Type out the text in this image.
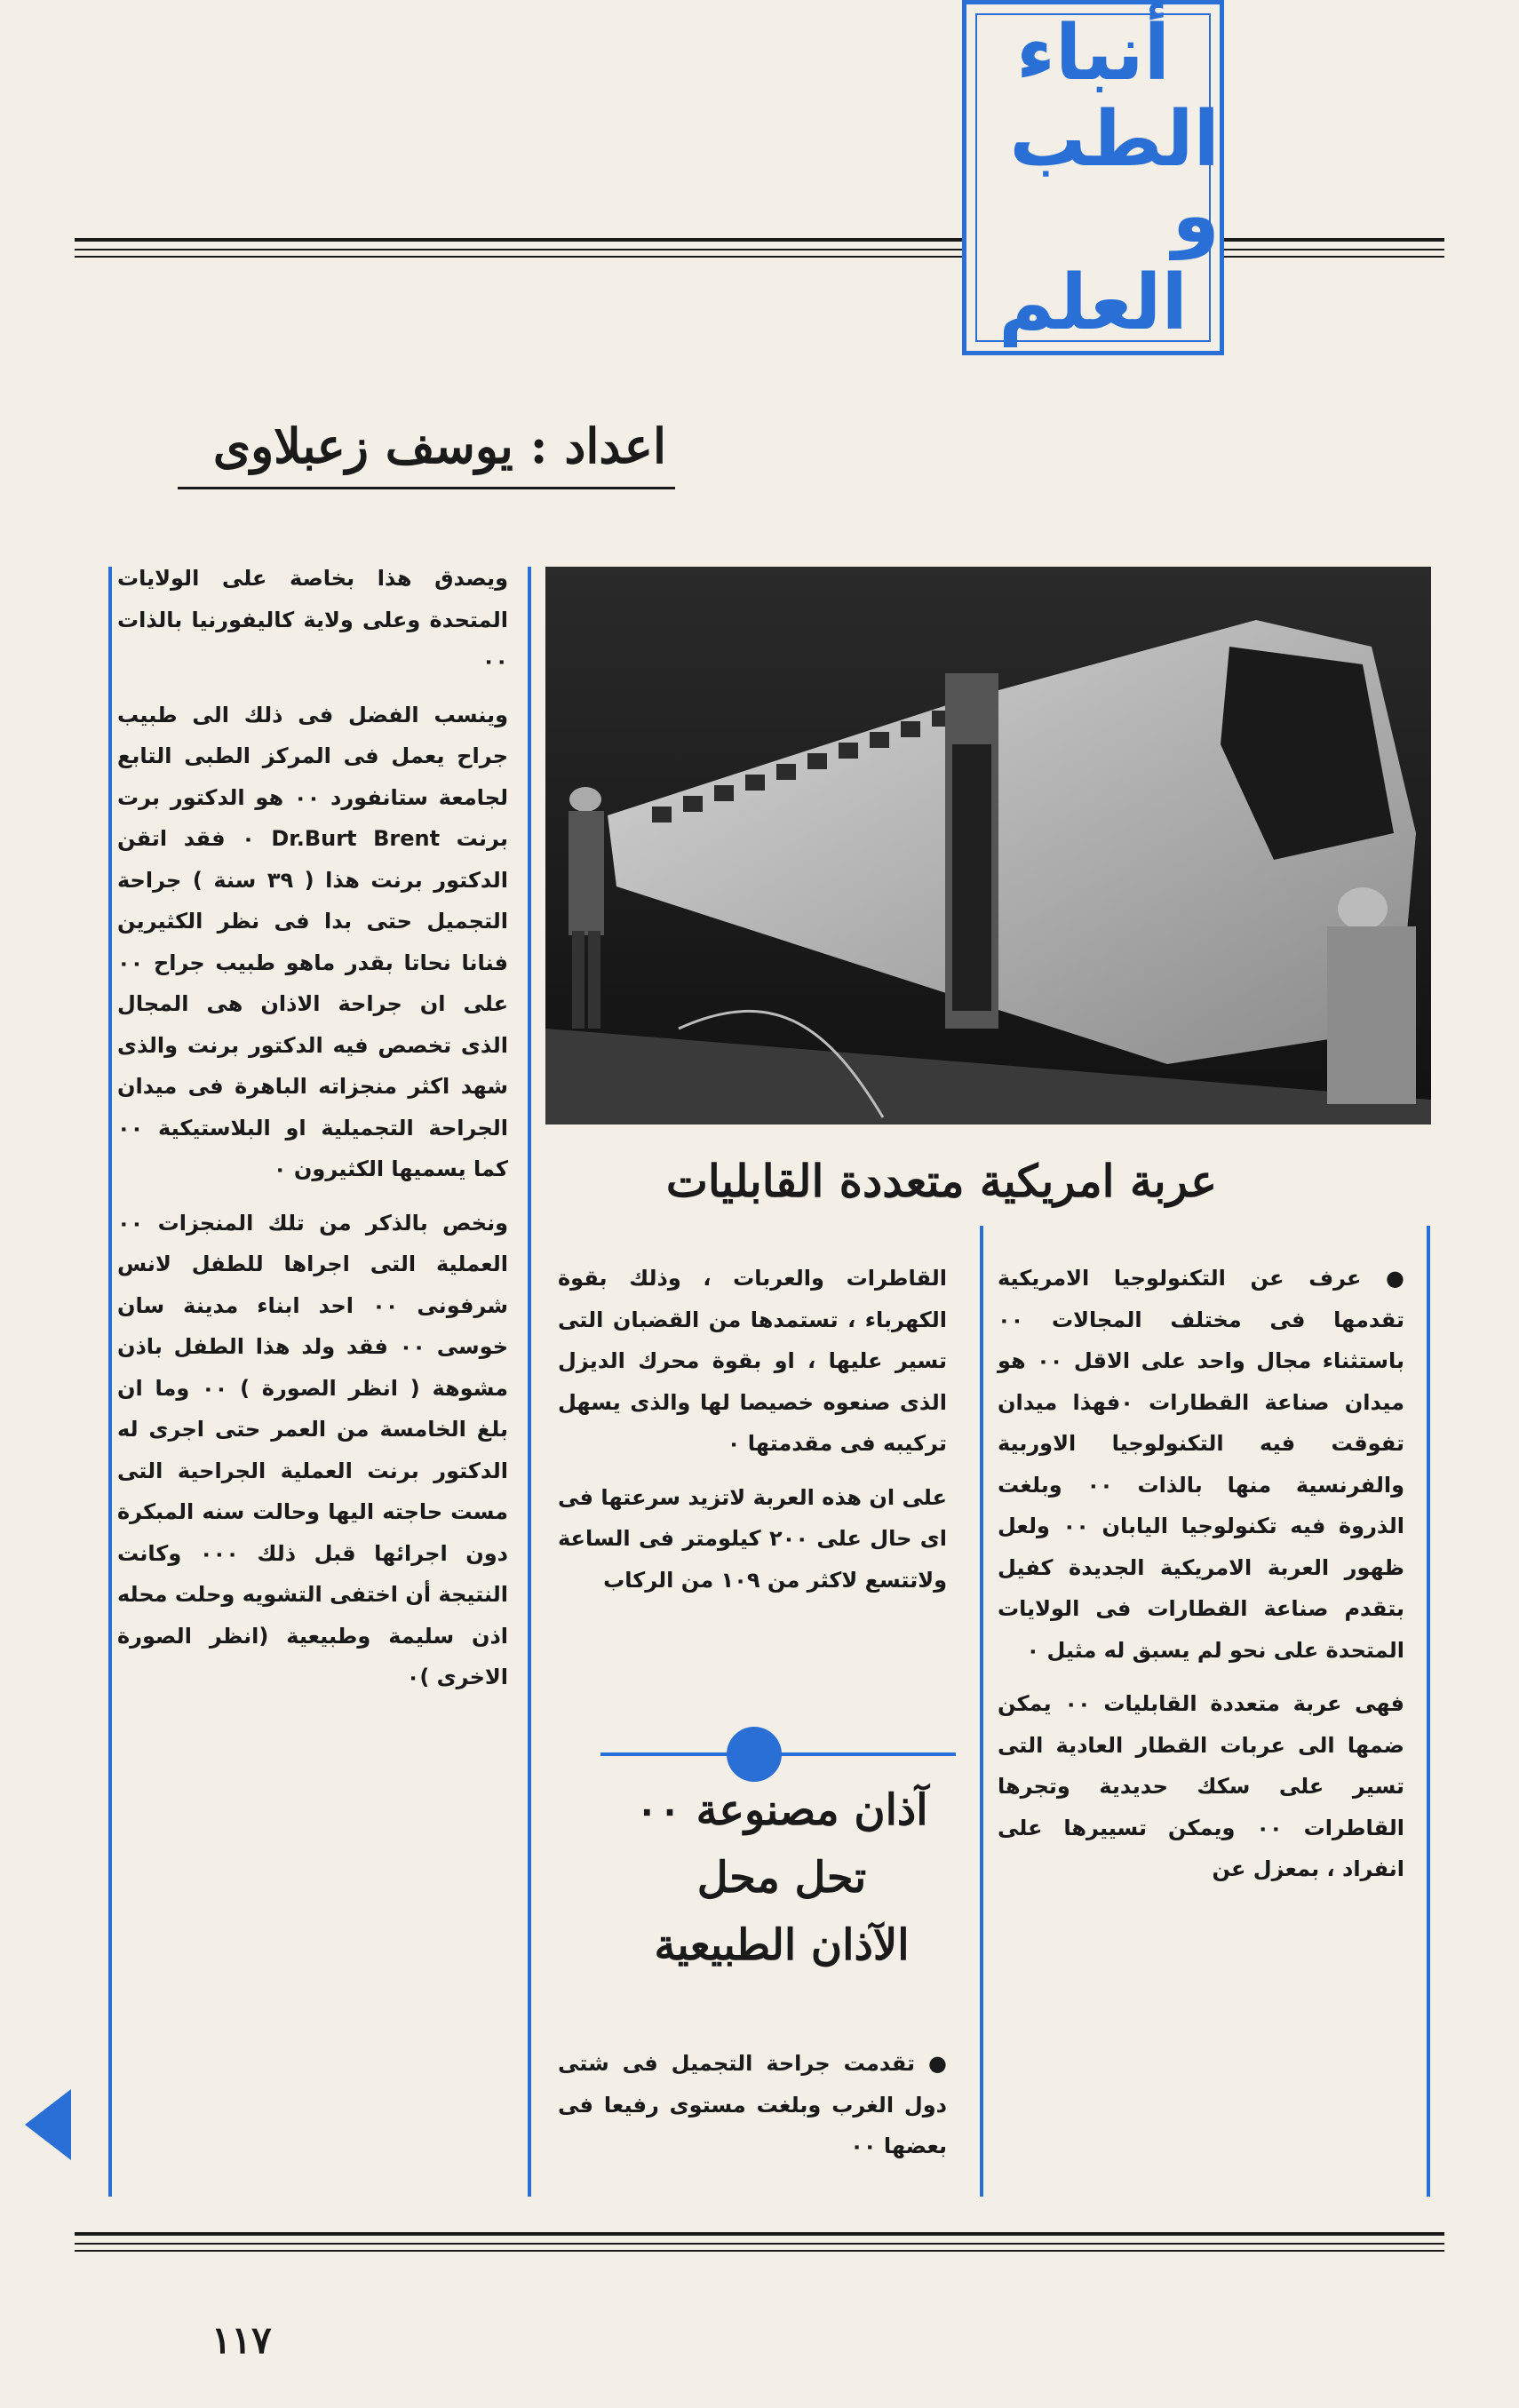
أنباء
الطب و
العلم
اعداد : يوسف زعبلاوى

ويصدق هذا بخاصة على الولايات المتحدة وعلى ولاية كاليفورنيا بالذات ٠٠

وينسب الفضل فى ذلك الى طبيب جراح يعمل فى المركز الطبى التابع لجامعة ستانفورد ٠٠ هو الدكتور برت برنت Dr.Burt Brent ٠ فقد اتقن الدكتور برنت هذا ( ٣٩ سنة ) جراحة التجميل حتى بدا فى نظر الكثيرين فنانا نحاتا بقدر ماهو طبيب جراح ٠٠ على ان جراحة الاذان هى المجال الذى تخصص فيه الدكتور برنت والذى شهد اكثر منجزاته الباهرة فى ميدان الجراحة التجميلية او البلاستيكية ٠٠ كما يسميها الكثيرون ٠

ونخص بالذكر من تلك المنجزات ٠٠ العملية التى اجراها للطفل لانس شرفونى ٠٠ احد ابناء مدينة سان خوسى ٠٠ فقد ولد هذا الطفل باذن مشوهة ( انظر الصورة ) ٠٠ وما ان بلغ الخامسة من العمر حتى اجرى له الدكتور برنت العملية الجراحية التى مست حاجته اليها وحالت سنه المبكرة دون اجرائها قبل ذلك ٠٠٠ وكانت النتيجة أن اختفى التشويه وحلت محله اذن سليمة وطبيعية (انظر الصورة الاخرى )٠

عربة امريكية متعددة القابليات

● عرف عن التكنولوجيا الامريكية تقدمها فى مختلف المجالات ٠٠ باستثناء مجال واحد على الاقل ٠٠ هو ميدان صناعة القطارات ٠فهذا ميدان تفوقت فيه التكنولوجيا الاوربية والفرنسية منها بالذات ٠٠ وبلغت الذروة فيه تكنولوجيا اليابان ٠٠ ولعل ظهور العربة الامريكية الجديدة كفيل بتقدم صناعة القطارات فى الولايات المتحدة على نحو لم يسبق له مثيل ٠

فهى عربة متعددة القابليات ٠٠ يمكن ضمها الى عربات القطار العادية التى تسير على سكك حديدية وتجرها القاطرات ٠٠ ويمكن تسييرها على انفراد ، بمعزل عن

القاطرات والعربات ، وذلك بقوة الكهرباء ، تستمدها من القضبان التى تسير عليها ، او بقوة محرك الديزل الذى صنعوه خصيصا لها والذى يسهل تركيبه فى مقدمتها ٠

على ان هذه العربة لاتزيد سرعتها فى اى حال على ٢٠٠ كيلومتر فى الساعة ولاتتسع لاكثر من ١٠٩ من الركاب

آذان مصنوعة ٠٠
تحل محل
الآذان الطبيعية

● تقدمت جراحة التجميل فى شتى دول الغرب وبلغت مستوى رفيعا فى بعضها ٠٠

١١٧
